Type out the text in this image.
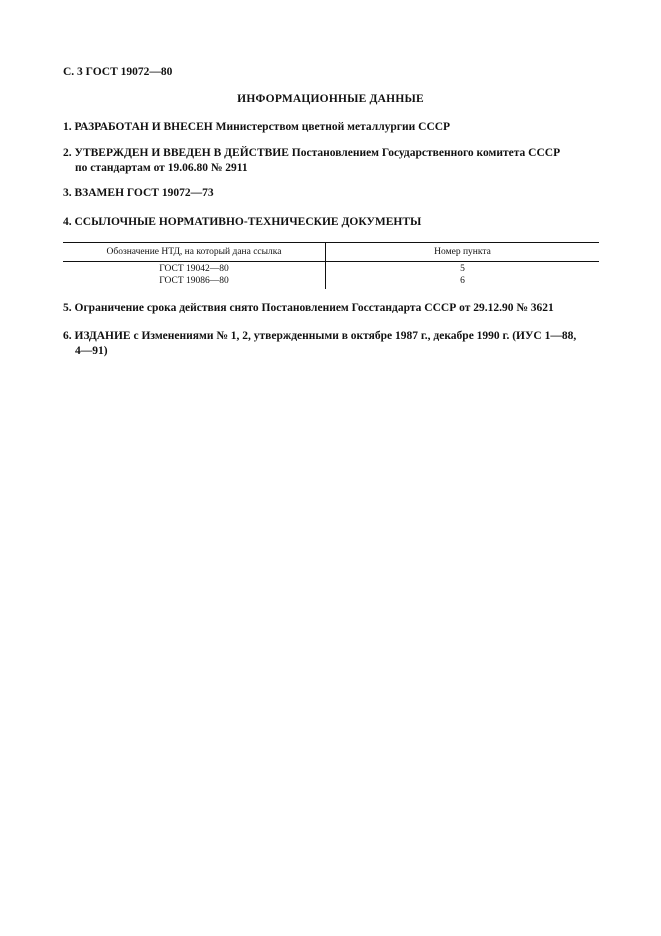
С. 3 ГОСТ 19072—80
ИНФОРМАЦИОННЫЕ ДАННЫЕ
1. РАЗРАБОТАН И ВНЕСЕН Министерством цветной металлургии СССР
2. УТВЕРЖДЕН И ВВЕДЕН В ДЕЙСТВИЕ Постановлением Государственного комитета СССР
по стандартам от 19.06.80 № 2911
3. ВЗАМЕН ГОСТ 19072—73
4. ССЫЛОЧНЫЕ НОРМАТИВНО-ТЕХНИЧЕСКИЕ ДОКУМЕНТЫ
Обозначение НТД, на который дана ссылка	Номер пункта
ГОСТ 19042—80	5
ГОСТ 19086—80	6
5. Ограничение срока действия снято Постановлением Госстандарта СССР от 29.12.90 № 3621
6. ИЗДАНИЕ с Изменениями № 1, 2, утвержденными в октябре 1987 г., декабре 1990 г. (ИУС 1—88,
4—91)
